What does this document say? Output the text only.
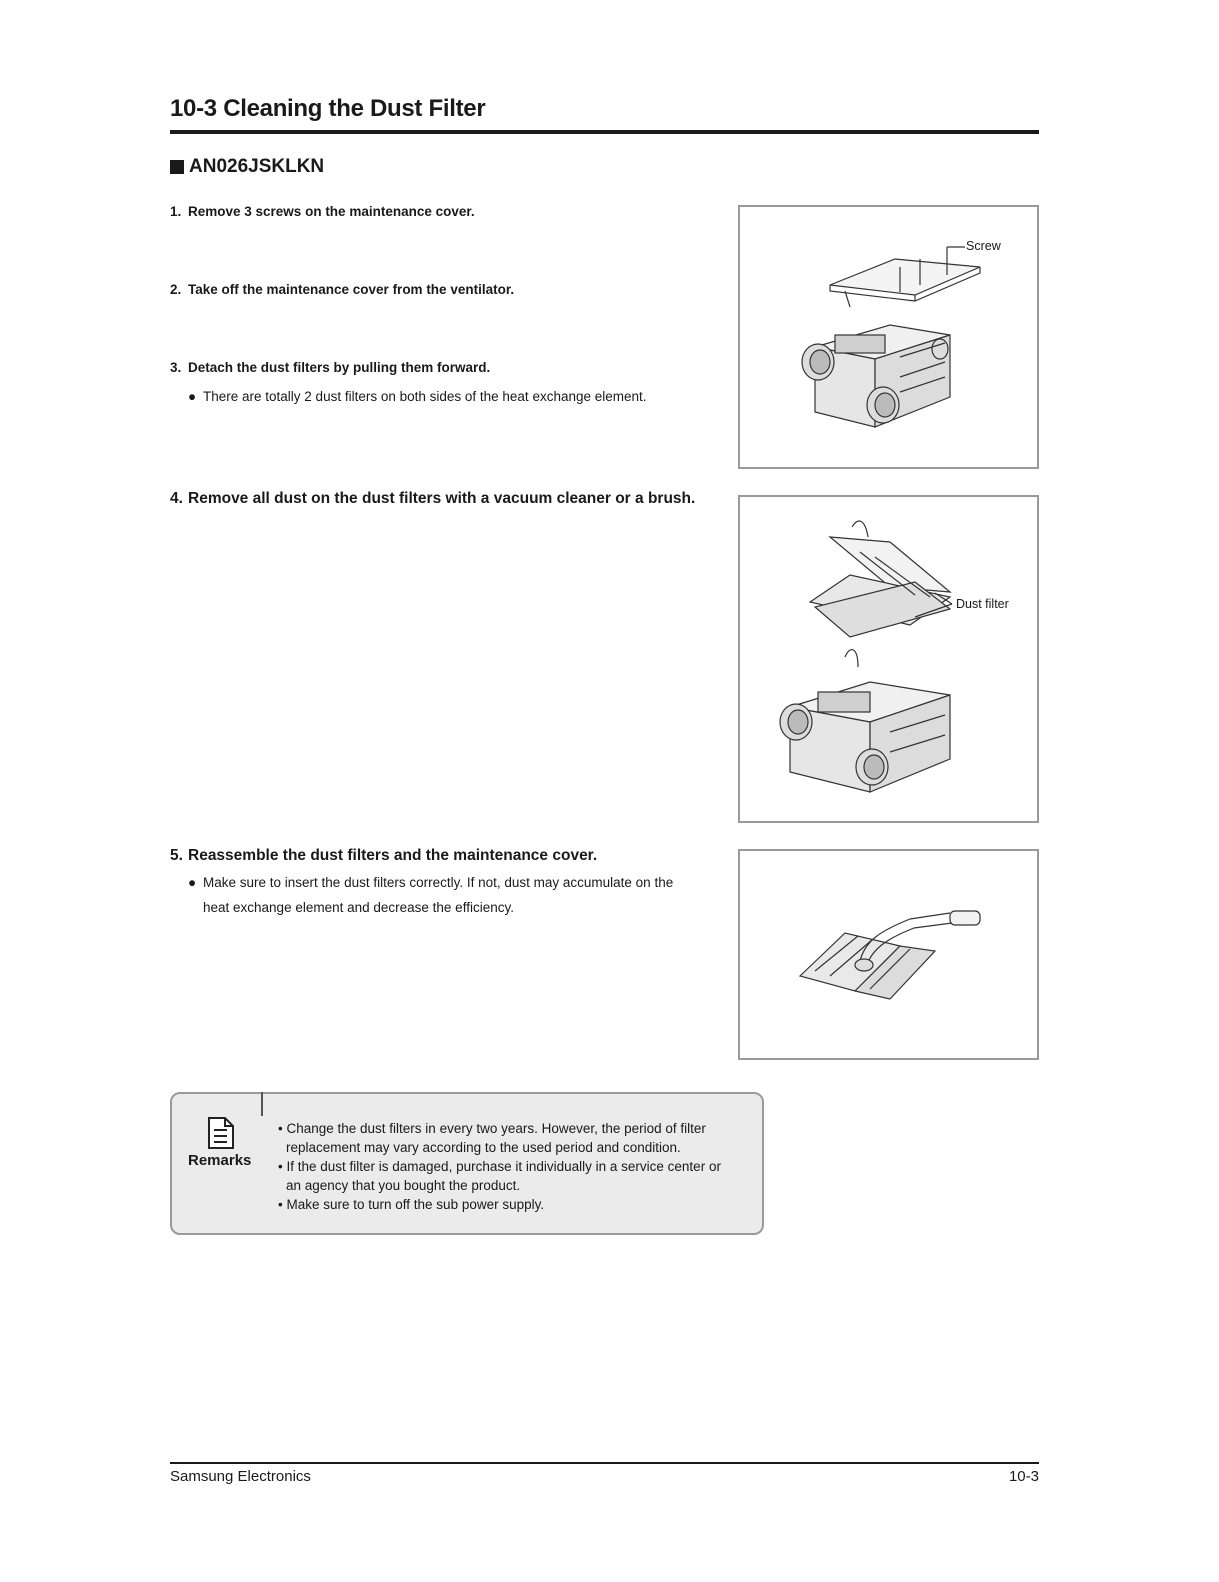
10-3 Cleaning the Dust Filter
AN026JSKLKN
1. Remove 3 screws on the maintenance cover.
2. Take off the maintenance cover from the ventilator.
3. Detach the dust filters by pulling them forward.
● There are totally 2 dust filters on both sides of the heat exchange element.
4. Remove all dust on the dust filters with a vacuum cleaner or a brush.
5. Reassemble the dust filters and the maintenance cover.
● Make sure to insert the dust filters correctly. If not, dust may accumulate on the
heat exchange element and decrease the efficiency.
Screw
Dust filter
Remarks
• Change the dust filters in every two years. However, the period of filter replacement may vary according to the used period and condition.
• If the dust filter is damaged, purchase it individually in a service center or an agency that you bought the product.
• Make sure to turn off the sub power supply.
Samsung Electronics	10-3
